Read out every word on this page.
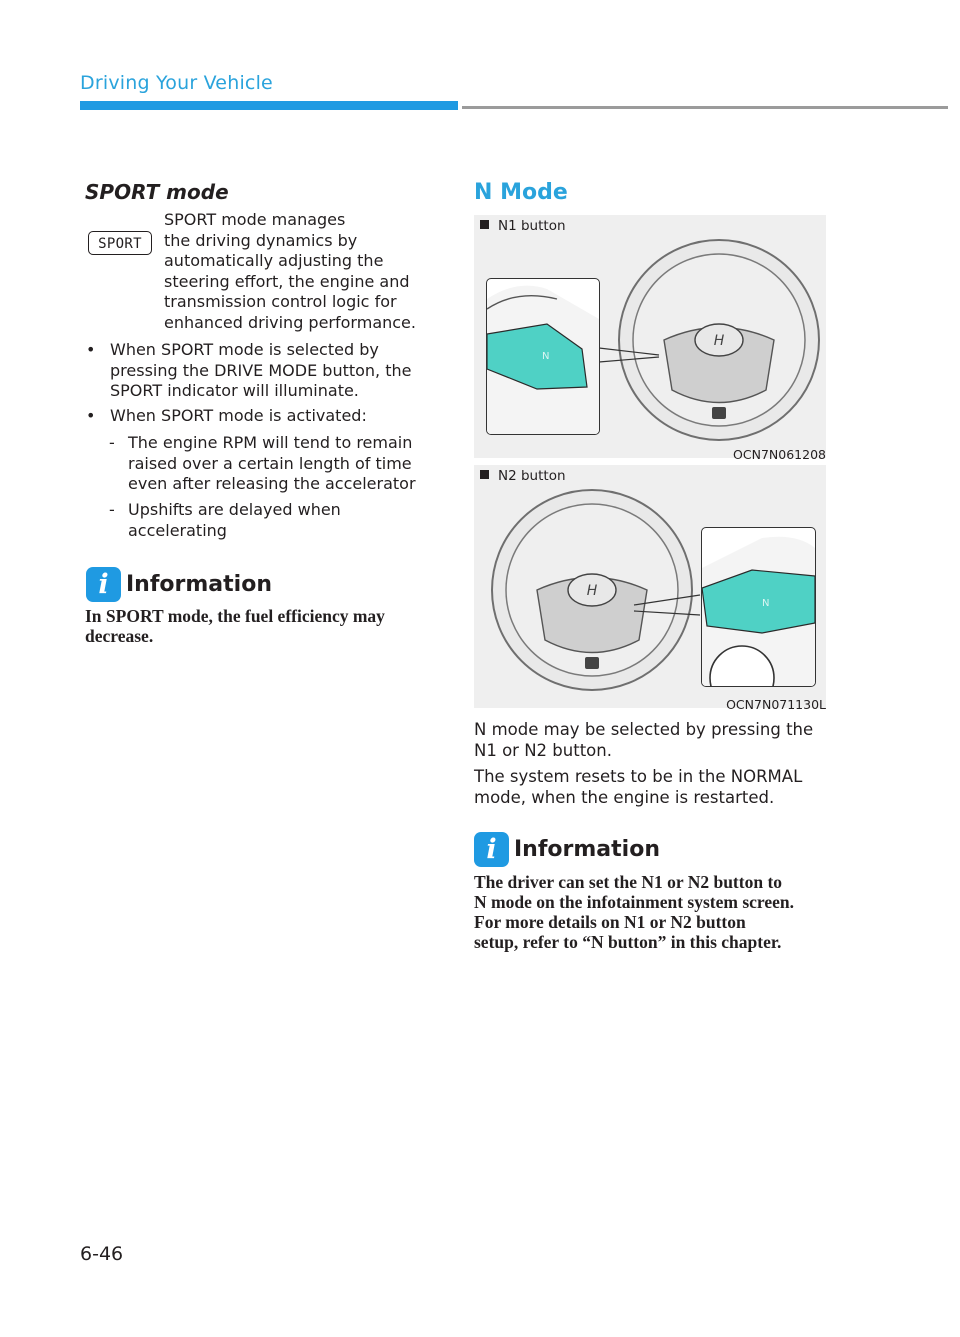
Driving Your Vehicle
SPORT mode
SPORT
SPORT mode manages
the driving dynamics by
automatically adjusting the
steering effort, the engine and
transmission control logic for
enhanced driving performance.
• When SPORT mode is selected by
pressing the DRIVE MODE button, the
SPORT indicator will illuminate.
• When SPORT mode is activated:
- The engine RPM will tend to remain
raised over a certain length of time
even after releasing the accelerator
- Upshifts are delayed when
accelerating
i Information
In SPORT mode, the fuel efficiency may
decrease.
N Mode
N1 button
H
N
OCN7N061208
N2 button
H
N
OCN7N071130L
N mode may be selected by pressing the
N1 or N2 button.
The system resets to be in the NORMAL
mode, when the engine is restarted.
i Information
The driver can set the N1 or N2 button to
N mode on the infotainment system screen.
For more details on N1 or N2 button
setup, refer to “N button” in this chapter.
6-46
